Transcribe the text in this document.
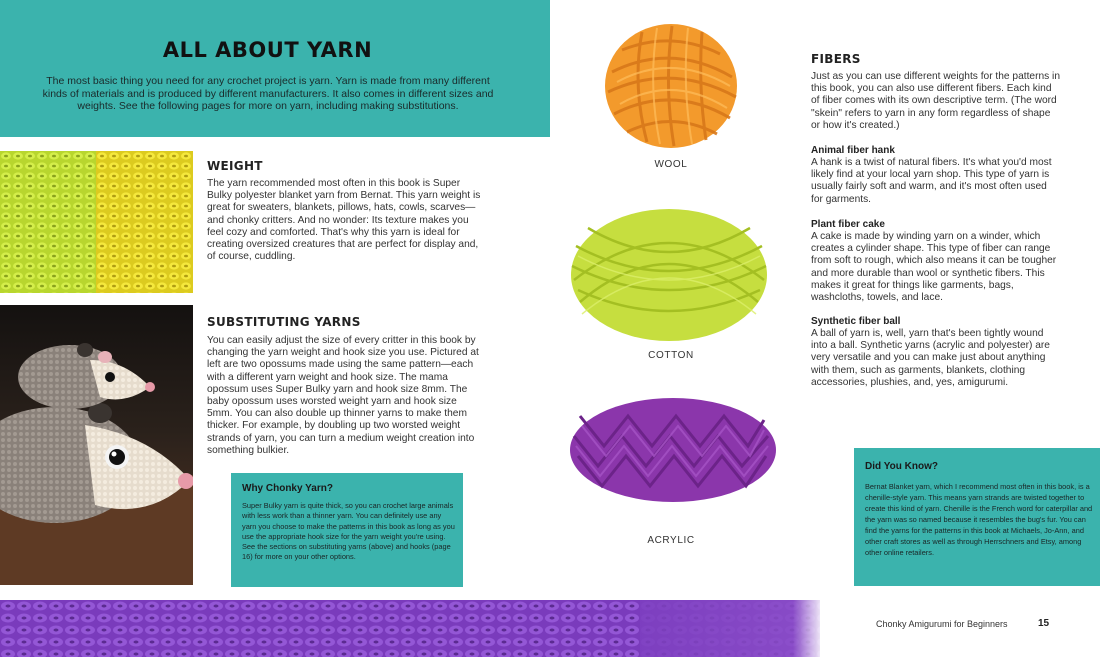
ALL ABOUT YARN

The most basic thing you need for any crochet project is yarn. Yarn is made from many different kinds of materials and is produced by different manufacturers. It also comes in different sizes and weights. See the following pages for more on yarn, including making substitutions.

WEIGHT
The yarn recommended most often in this book is Super Bulky polyester blanket yarn from Bernat. This yarn weight is great for sweaters, blankets, pillows, hats, cowls, scarves—and chonky critters. And no wonder: Its texture makes you feel cozy and comforted. That's why this yarn is ideal for creating oversized creatures that are perfect for display and, of course, cuddling.
SUBSTITUTING YARNS
You can easily adjust the size of every critter in this book by changing the yarn weight and hook size you use. Pictured at left are two opossums made using the same pattern—each with a different yarn weight and hook size. The mama opossum uses Super Bulky yarn and hook size 8mm. The baby opossum uses worsted weight yarn and hook size 5mm. You can also double up thinner yarns to make them thicker. For example, by doubling up two worsted weight strands of yarn, you can turn a medium weight creation into something bulkier.
Why Chonky Yarn?
Super Bulky yarn is quite thick, so you can crochet large animals with less work than a thinner yarn. You can definitely use any yarn you choose to make the patterns in this book as long as you use the appropriate hook size for the yarn weight you're using. See the sections on substituting yarns (above) and hooks (page 16) for more on your other options.
WOOL
COTTON
ACRYLIC
FIBERS
Just as you can use different weights for the patterns in this book, you can also use different fibers. Each kind of fiber comes with its own descriptive term. (The word "skein" refers to yarn in any form regardless of shape or how it's created.)
Animal fiber hank
A hank is a twist of natural fibers. It's what you'd most likely find at your local yarn shop. This type of yarn is usually fairly soft and warm, and it's most often used for garments.
Plant fiber cake
A cake is made by winding yarn on a winder, which creates a cylinder shape. This type of fiber can range from soft to rough, which also means it can be tougher and more durable than wool or synthetic fibers. This makes it great for things like garments, bags, washcloths, towels, and lace.
Synthetic fiber ball
A ball of yarn is, well, yarn that's been tightly wound into a ball. Synthetic yarns (acrylic and polyester) are very versatile and you can make just about anything with them, such as garments, blankets, clothing accessories, plushies, and, yes, amigurumi.
Did You Know?
Bernat Blanket yarn, which I recommend most often in this book, is a chenille-style yarn. This means yarn strands are twisted together to create this kind of yarn. Chenille is the French word for caterpillar and the yarn was so named because it resembles the bug's fur. You can find the yarns for the patterns in this book at Michaels, Jo-Ann, and other craft stores as well as through Herrschners and Etsy, among other online retailers.
Chonky Amigurumi for Beginners	15
